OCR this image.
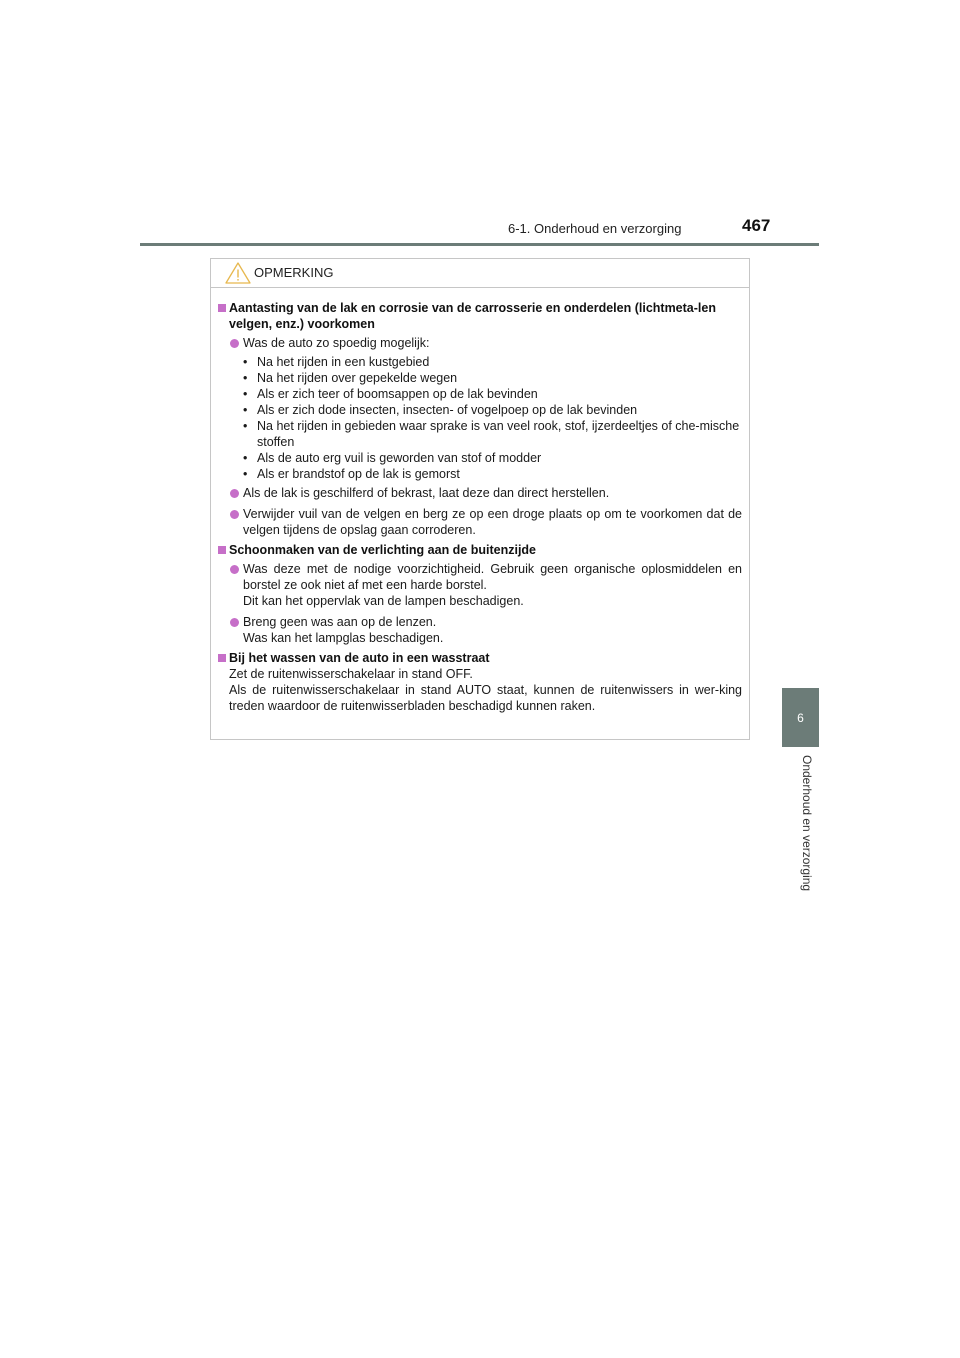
6-1. Onderhoud en verzorging	467
6
Onderhoud en verzorging
OPMERKING
Aantasting van de lak en corrosie van de carrosserie en onderdelen (lichtmeta-len velgen, enz.) voorkomen
Was de auto zo spoedig mogelijk:
• Na het rijden in een kustgebied
• Na het rijden over gepekelde wegen
• Als er zich teer of boomsappen op de lak bevinden
• Als er zich dode insecten, insecten- of vogelpoep op de lak bevinden
• Na het rijden in gebieden waar sprake is van veel rook, stof, ijzerdeeltjes of che-mische stoffen
• Als de auto erg vuil is geworden van stof of modder
• Als er brandstof op de lak is gemorst
Als de lak is geschilferd of bekrast, laat deze dan direct herstellen.
Verwijder vuil van de velgen en berg ze op een droge plaats op om te voorkomen dat de velgen tijdens de opslag gaan corroderen.
Schoonmaken van de verlichting aan de buitenzijde
Was deze met de nodige voorzichtigheid. Gebruik geen organische oplosmiddelen en borstel ze ook niet af met een harde borstel.
Dit kan het oppervlak van de lampen beschadigen.
Breng geen was aan op de lenzen.
Was kan het lampglas beschadigen.
Bij het wassen van de auto in een wasstraat
Zet de ruitenwisserschakelaar in stand OFF.
Als de ruitenwisserschakelaar in stand AUTO staat, kunnen de ruitenwissers in wer-king treden waardoor de ruitenwisserbladen beschadigd kunnen raken.
